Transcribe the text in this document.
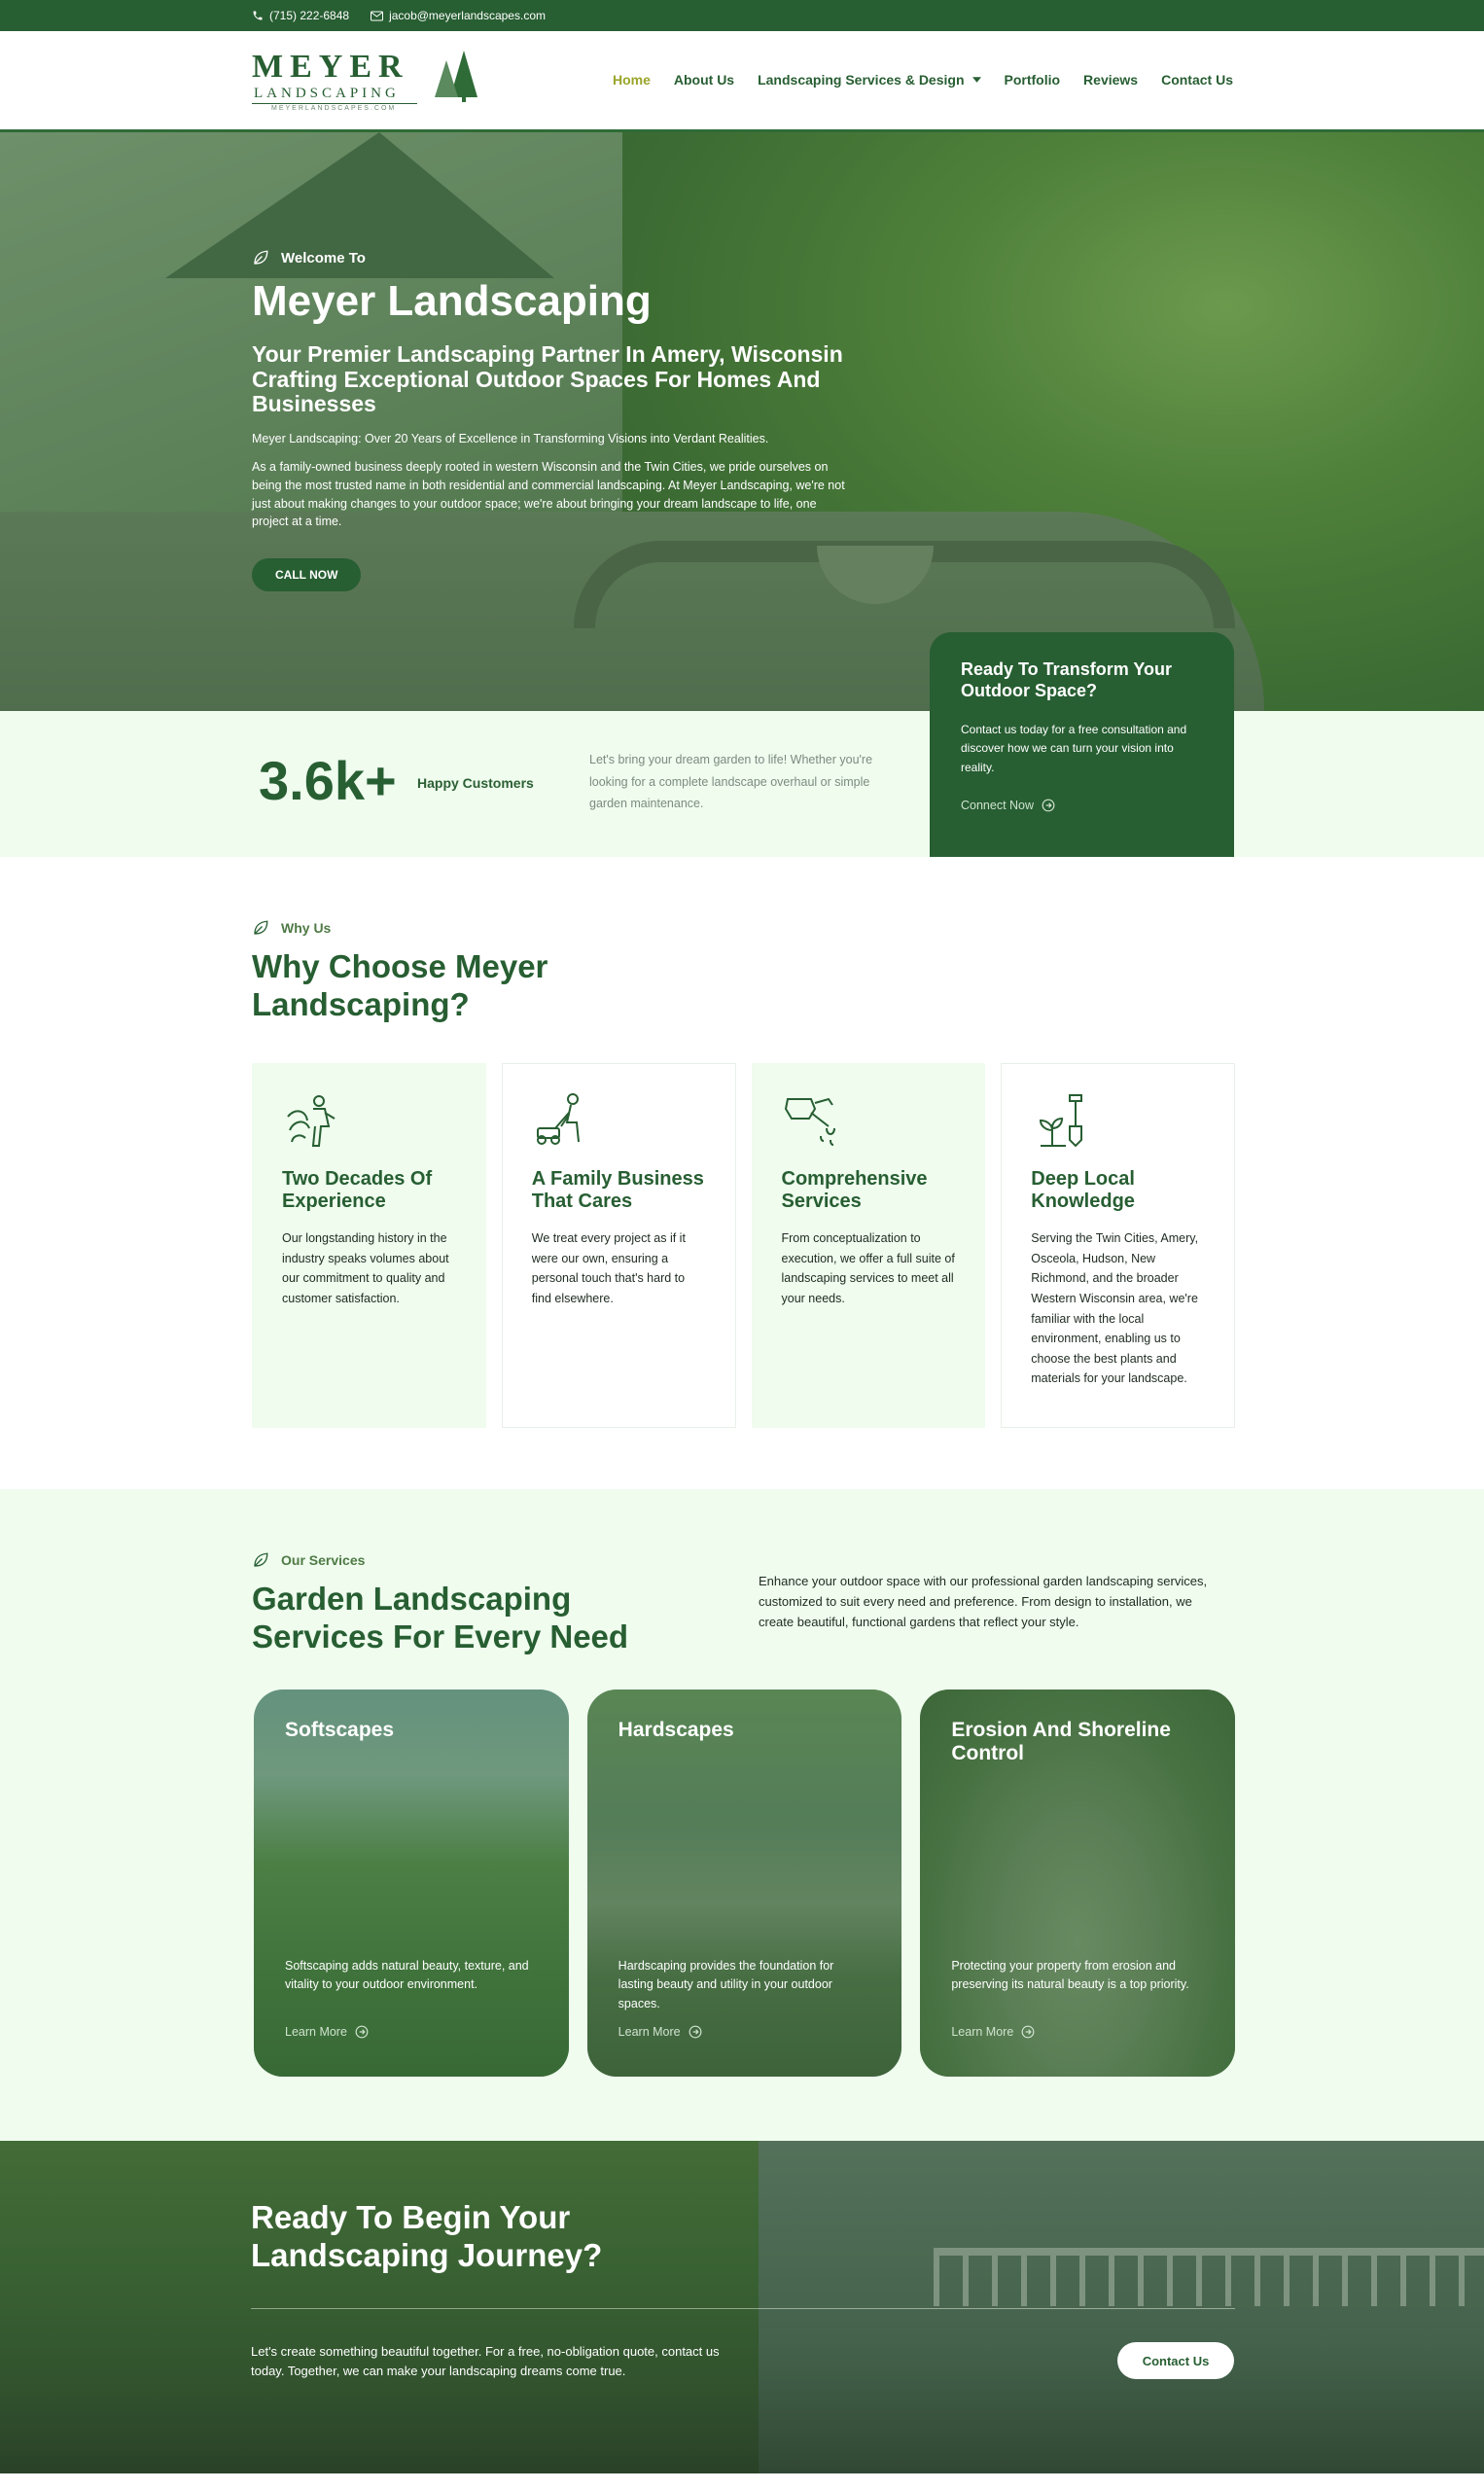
(715) 222-6848	jacob@meyerlandscapes.com
MEYER
LANDSCAPING
MEYERLANDSCAPES.COM
Home About Us Landscaping Services & Design	Portfolio Reviews Contact Us
Welcome To
Meyer Landscaping
Your Premier Landscaping Partner In Amery, Wisconsin Crafting Exceptional Outdoor Spaces For Homes And Businesses

Meyer Landscaping: Over 20 Years of Excellence in Transforming Visions into Verdant Realities.

As a family-owned business deeply rooted in western Wisconsin and the Twin Cities, we pride ourselves on being the most trusted name in both residential and commercial landscaping. At Meyer Landscaping, we're not just about making changes to your outdoor space; we're about bringing your dream landscape to life, one project at a time.

CALL NOW
3.6k+ Happy Customers
Let's bring your dream garden to life! Whether you're looking for a complete landscape overhaul or simple garden maintenance.
Ready To Transform Your Outdoor Space?

Contact us today for a free consultation and discover how we can turn your vision into reality.

Connect Now
Why Us
Why Choose Meyer Landscaping?
Two Decades Of Experience

Our longstanding history in the industry speaks volumes about our commitment to quality and customer satisfaction.

A Family Business That Cares

We treat every project as if it were our own, ensuring a personal touch that's hard to find elsewhere.

Comprehensive Services

From conceptualization to execution, we offer a full suite of landscaping services to meet all your needs.

Deep Local Knowledge

Serving the Twin Cities, Amery, Osceola, Hudson, New Richmond, and the broader Western Wisconsin area, we're familiar with the local environment, enabling us to choose the best plants and materials for your landscape.

Our Services
Garden Landscaping Services For Every Need
Enhance your outdoor space with our professional garden landscaping services, customized to suit every need and preference. From design to installation, we create beautiful, functional gardens that reflect your style.
Softscapes

Softscaping adds natural beauty, texture, and vitality to your outdoor environment.

Learn More
Hardscapes

Hardscaping provides the foundation for lasting beauty and utility in your outdoor spaces.

Learn More
Erosion And Shoreline Control

Protecting your property from erosion and preserving its natural beauty is a top priority.

Learn More
Ready To Begin Your Landscaping Journey?

Let's create something beautiful together. For a free, no-obligation quote, contact us today. Together, we can make your landscaping dreams come true.

Contact Us
